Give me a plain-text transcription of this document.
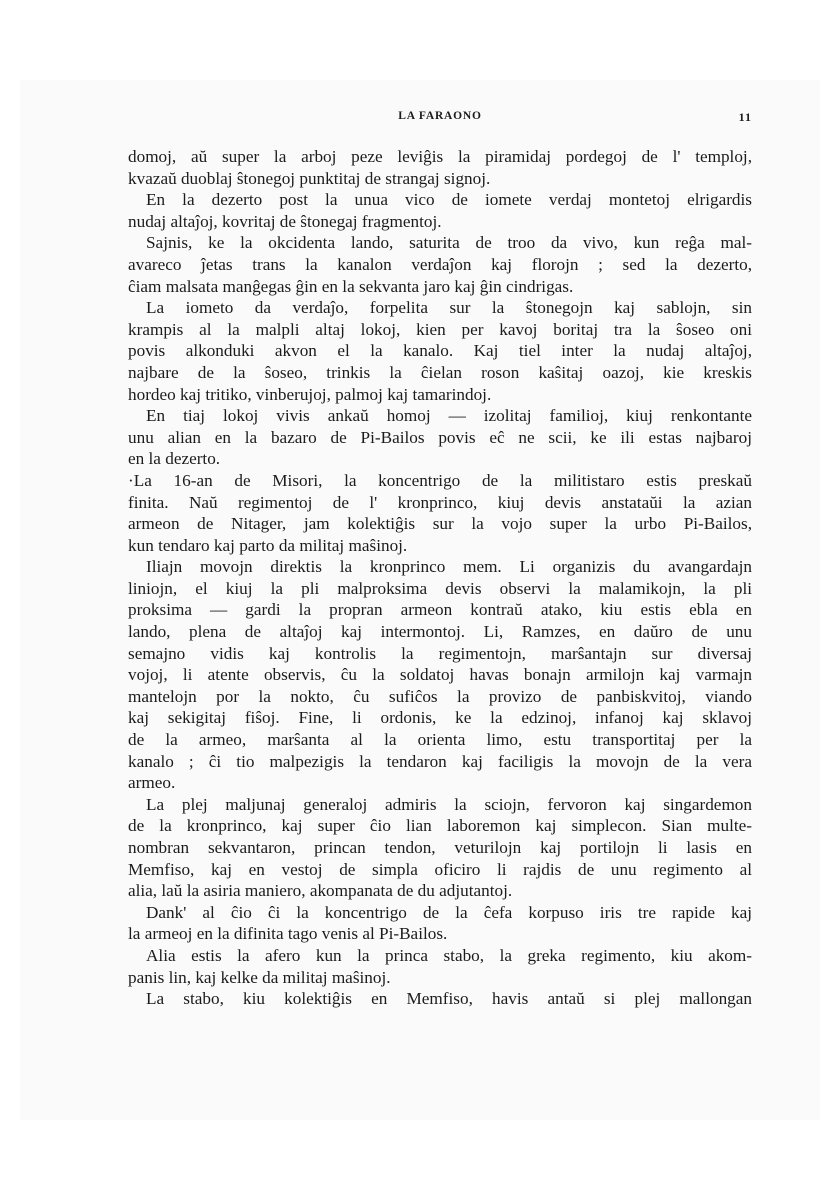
LA FARAONO	11
domoj, aŭ super la arboj peze leviĝis la piramidaj pordegoj de l' temploj,
kvazaŭ duoblaj ŝtonegoj punktitaj de strangaj signoj.
En la dezerto post la unua vico de iomete verdaj montetoj elrigardis
nudaj altaĵoj, kovritaj de ŝtonegaj fragmentoj.
Sajnis, ke la okcidenta lando, saturita de troo da vivo, kun reĝa mal-
avareco ĵetas trans la kanalon verdaĵon kaj florojn ; sed la dezerto,
ĉiam malsata manĝegas ĝin en la sekvanta jaro kaj ĝin cindrigas.
La iometo da verdaĵo, forpelita sur la ŝtonegojn kaj sablojn, sin
krampis al la malpli altaj lokoj, kien per kavoj boritaj tra la ŝoseo oni
povis alkonduki akvon el la kanalo. Kaj tiel inter la nudaj altaĵoj,
najbare de la ŝoseo, trinkis la ĉielan roson kaŝitaj oazoj, kie kreskis
hordeo kaj tritiko, vinberujoj, palmoj kaj tamarindoj.
En tiaj lokoj vivis ankaŭ homoj — izolitaj familioj, kiuj renkontante
unu alian en la bazaro de Pi-Bailos povis eĉ ne scii, ke ili estas najbaroj
en la dezerto.
·La 16-an de Misori, la koncentrigo de la militistaro estis preskaŭ
finita. Naŭ regimentoj de l' kronprinco, kiuj devis anstataŭi la azian
armeon de Nitager, jam kolektiĝis sur la vojo super la urbo Pi-Bailos,
kun tendaro kaj parto da militaj maŝinoj.
Iliajn movojn direktis la kronprinco mem. Li organizis du avangardajn
liniojn, el kiuj la pli malproksima devis observi la malamikojn, la pli
proksima — gardi la propran armeon kontraŭ atako, kiu estis ebla en
lando, plena de altaĵoj kaj intermontoj. Li, Ramzes, en daŭro de unu
semajno vidis kaj kontrolis la regimentojn, marŝantajn sur diversaj
vojoj, li atente observis, ĉu la soldatoj havas bonajn armilojn kaj varmajn
mantelojn por la nokto, ĉu sufiĉos la provizo de panbiskvitoj, viando
kaj sekigitaj fiŝoj. Fine, li ordonis, ke la edzinoj, infanoj kaj sklavoj
de la armeo, marŝanta al la orienta limo, estu transportitaj per la
kanalo ; ĉi tio malpezigis la tendaron kaj faciligis la movojn de la vera
armeo.
La plej maljunaj generaloj admiris la sciojn, fervoron kaj singardemon
de la kronprinco, kaj super ĉio lian laboremon kaj simplecon. Sian multe-
nombran sekvantaron, princan tendon, veturilojn kaj portilojn li lasis en
Memfiso, kaj en vestoj de simpla oficiro li rajdis de unu regimento al
alia, laŭ la asiria maniero, akompanata de du adjutantoj.
Dank' al ĉio ĉi la koncentrigo de la ĉefa korpuso iris tre rapide kaj
la armeoj en la difinita tago venis al Pi-Bailos.
Alia estis la afero kun la princa stabo, la greka regimento, kiu akom-
panis lin, kaj kelke da militaj maŝinoj.
La stabo, kiu kolektiĝis en Memfiso, havis antaŭ si plej mallongan
